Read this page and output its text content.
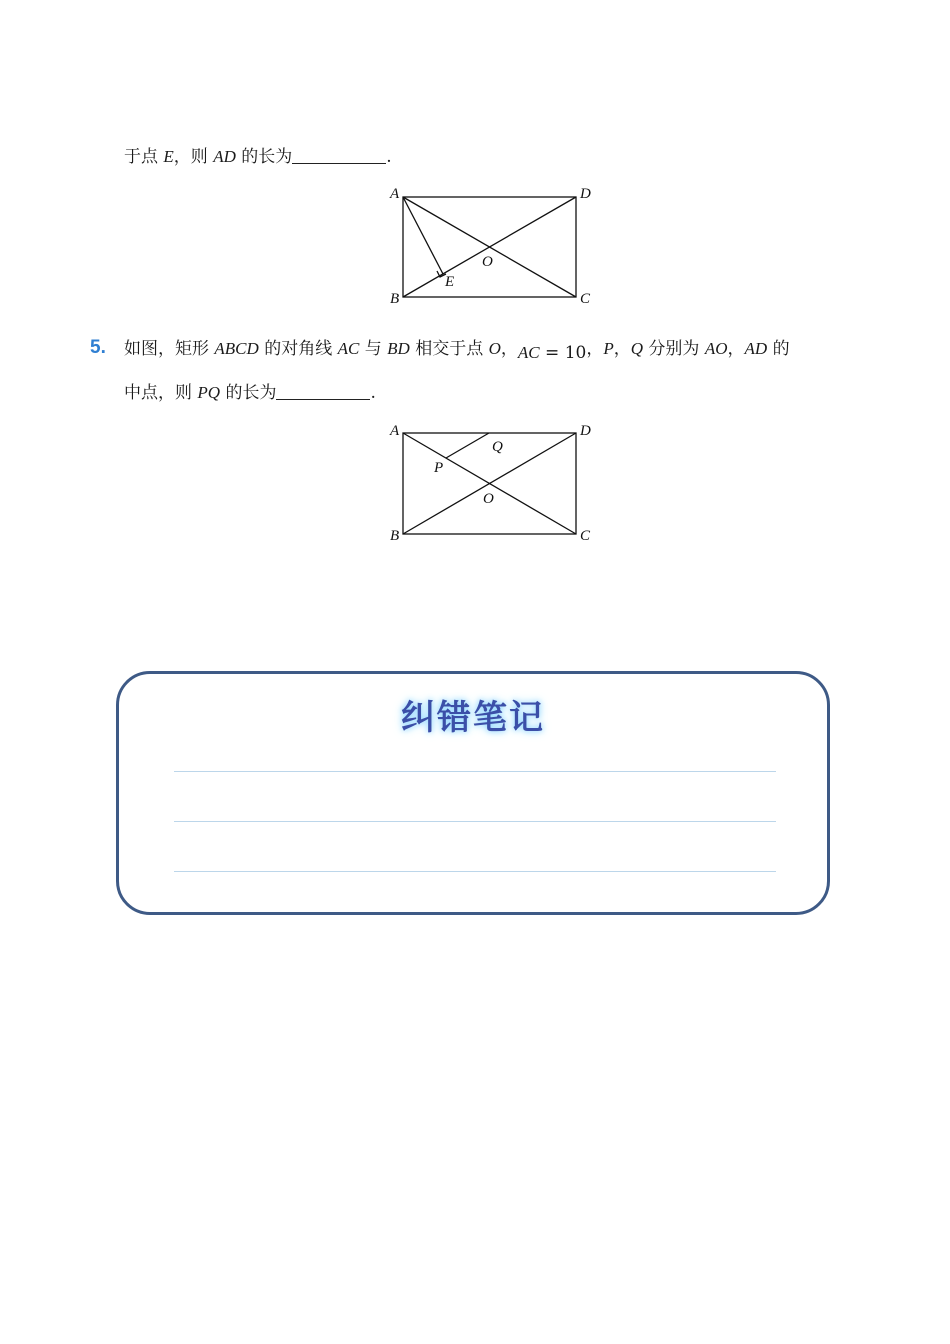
于点 E，则 AD 的长为	.
A	D
B	C
O
E
5. 如图，矩形 ABCD 的对角线 AC 与 BD 相交于点 O，AC = 10，P，Q 分别为 AO，AD 的
中点，则 PQ 的长为	.
A	D
B	C
O
P
Q
纠错笔记
